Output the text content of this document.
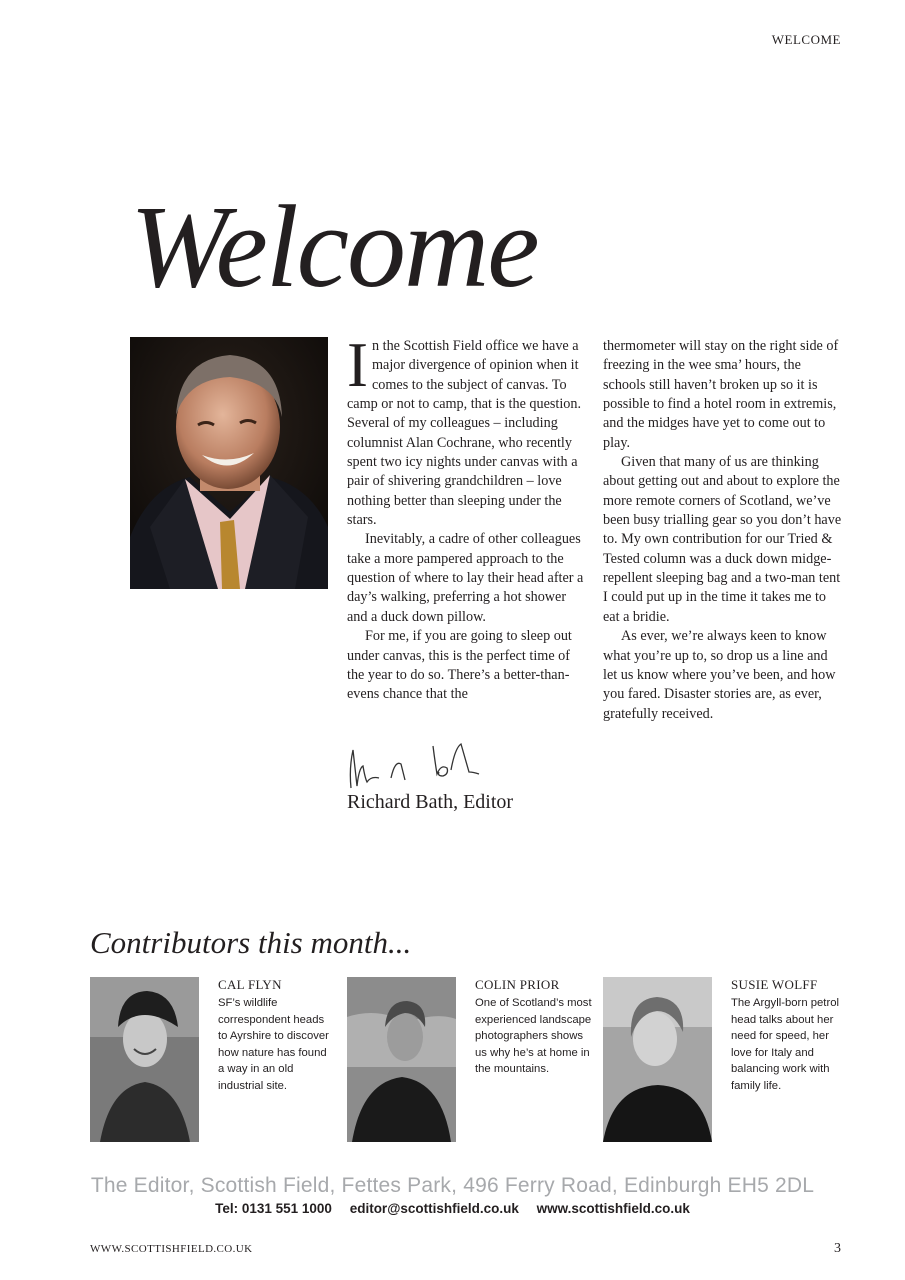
WELCOME
Welcome

In the Scottish Field office we have a major divergence of opinion when it comes to the subject of canvas. To camp or not to camp, that is the question. Several of my colleagues – including columnist Alan Cochrane, who recently spent two icy nights under canvas with a pair of shivering grandchildren – love nothing better than sleeping under the stars.

Inevitably, a cadre of other colleagues take a more pampered approach to the question of where to lay their head after a day’s walking, preferring a hot shower and a duck down pillow.

For me, if you are going to sleep out under canvas, this is the perfect time of the year to do so. There’s a better-than-evens chance that the

thermometer will stay on the right side of freezing in the wee sma’ hours, the schools still haven’t broken up so it is possible to find a hotel room in extremis, and the midges have yet to come out to play.

Given that many of us are thinking about getting out and about to explore the more remote corners of Scotland, we’ve been busy trialling gear so you don’t have to. My own contribution for our Tried & Tested column was a duck down midge-repellent sleeping bag and a two-man tent I could put up in the time it takes me to eat a bridie.

As ever, we’re always keen to know what you’re up to, so drop us a line and let us know where you’ve been, and how you fared. Disaster stories are, as ever, gratefully received.

Richard Bath, Editor
Contributors this month...
CAL FLYN
SF’s wildlife correspondent heads to Ayrshire to discover how nature has found a way in an old industrial site.
COLIN PRIOR
One of Scotland’s most experienced landscape photographers shows us why he’s at home in the mountains.
SUSIE WOLFF
The Argyll-born petrol head talks about her need for speed, her love for Italy and balancing work with family life.
The Editor, Scottish Field, Fettes Park, 496 Ferry Road, Edinburgh EH5 2DL
Tel: 0131 551 1000 editor@scottishfield.co.uk www.scottishfield.co.uk
WWW.SCOTTISHFIELD.CO.UK	3
